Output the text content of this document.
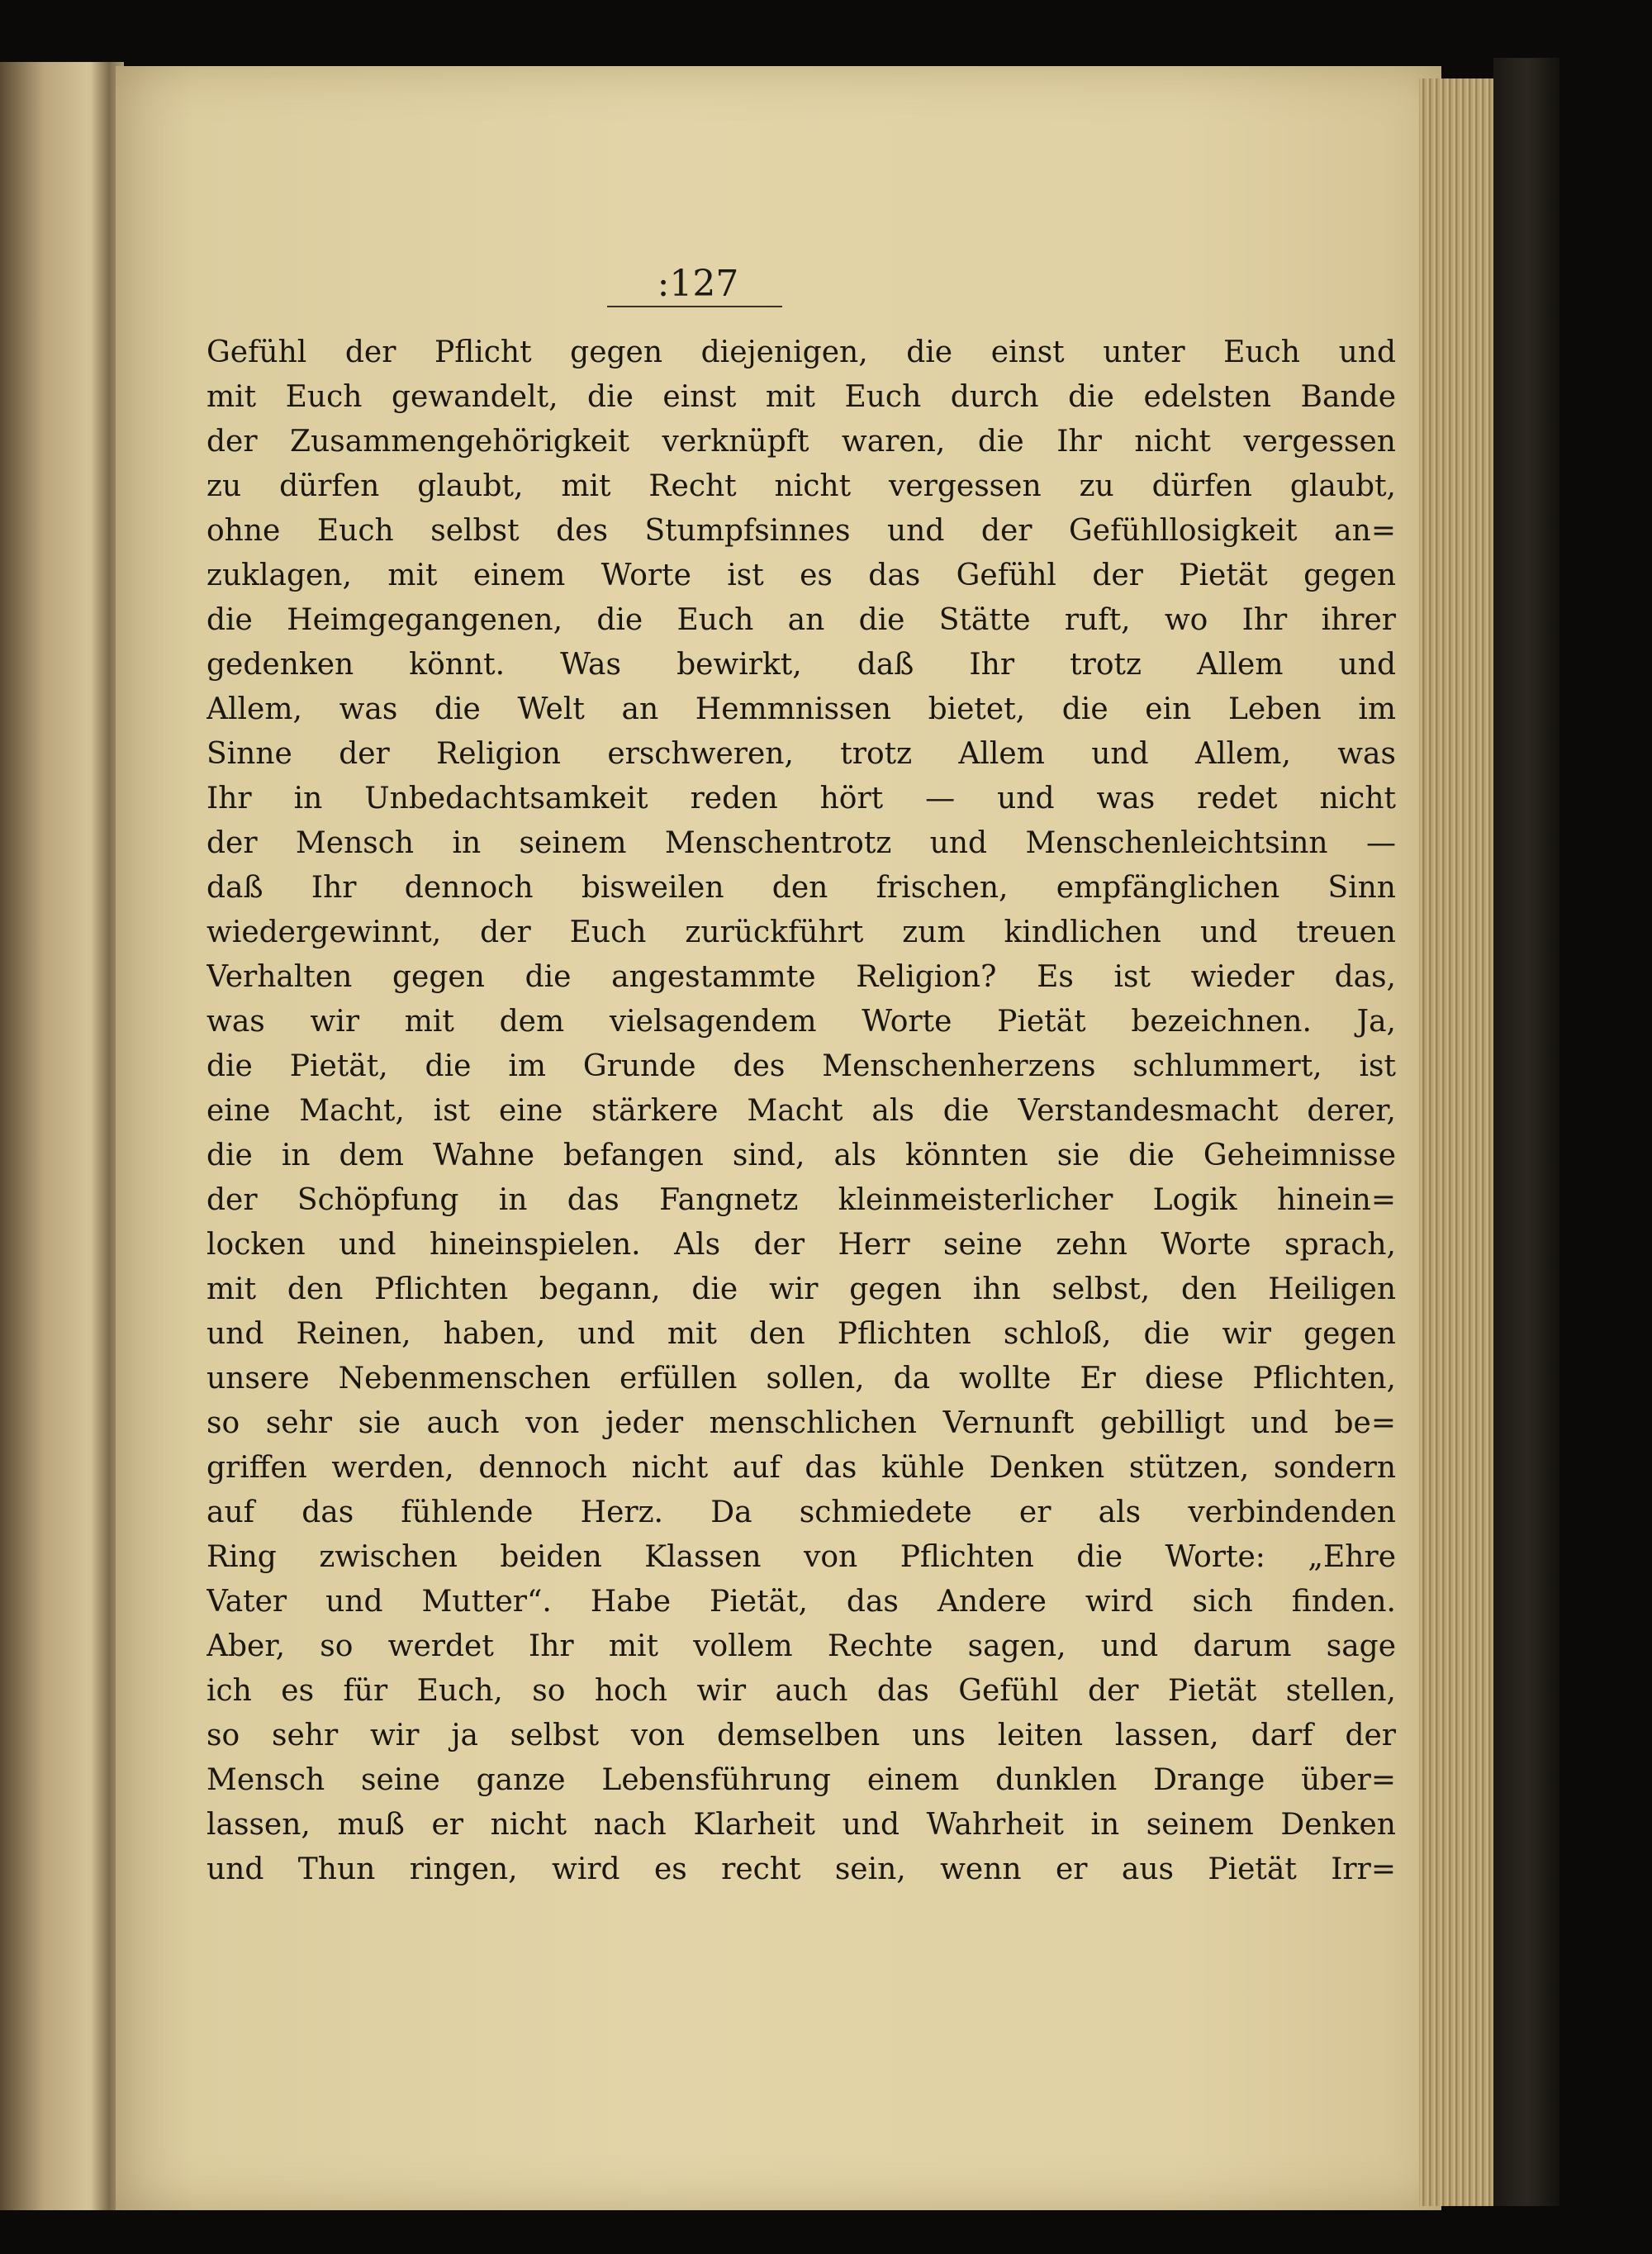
:127
Gefühl der Pflicht gegen diejenigen, die einst unter Euch und
mit Euch gewandelt, die einst mit Euch durch die edelsten Bande
der Zusammengehörigkeit verknüpft waren, die Ihr nicht vergessen
zu dürfen glaubt, mit Recht nicht vergessen zu dürfen glaubt,
ohne Euch selbst des Stumpfsinnes und der Gefühllosigkeit an=
zuklagen, mit einem Worte ist es das Gefühl der Pietät gegen
die Heimgegangenen, die Euch an die Stätte ruft, wo Ihr ihrer
gedenken könnt. Was bewirkt, daß Ihr trotz Allem und
Allem, was die Welt an Hemmnissen bietet, die ein Leben im
Sinne der Religion erschweren, trotz Allem und Allem, was
Ihr in Unbedachtsamkeit reden hört — und was redet nicht
der Mensch in seinem Menschentrotz und Menschenleichtsinn —
daß Ihr dennoch bisweilen den frischen, empfänglichen Sinn
wiedergewinnt, der Euch zurückführt zum kindlichen und treuen
Verhalten gegen die angestammte Religion? Es ist wieder das,
was wir mit dem vielsagendem Worte Pietät bezeichnen. Ja,
die Pietät, die im Grunde des Menschenherzens schlummert, ist
eine Macht, ist eine stärkere Macht als die Verstandesmacht derer,
die in dem Wahne befangen sind, als könnten sie die Geheimnisse
der Schöpfung in das Fangnetz kleinmeisterlicher Logik hinein=
locken und hineinspielen. Als der Herr seine zehn Worte sprach,
mit den Pflichten begann, die wir gegen ihn selbst, den Heiligen
und Reinen, haben, und mit den Pflichten schloß, die wir gegen
unsere Nebenmenschen erfüllen sollen, da wollte Er diese Pflichten,
so sehr sie auch von jeder menschlichen Vernunft gebilligt und be=
griffen werden, dennoch nicht auf das kühle Denken stützen, sondern
auf das fühlende Herz. Da schmiedete er als verbindenden
Ring zwischen beiden Klassen von Pflichten die Worte: „Ehre
Vater und Mutter“. Habe Pietät, das Andere wird sich finden.
Aber, so werdet Ihr mit vollem Rechte sagen, und darum sage
ich es für Euch, so hoch wir auch das Gefühl der Pietät stellen,
so sehr wir ja selbst von demselben uns leiten lassen, darf der
Mensch seine ganze Lebensführung einem dunklen Drange über=
lassen, muß er nicht nach Klarheit und Wahrheit in seinem Denken
und Thun ringen, wird es recht sein, wenn er aus Pietät Irr=
